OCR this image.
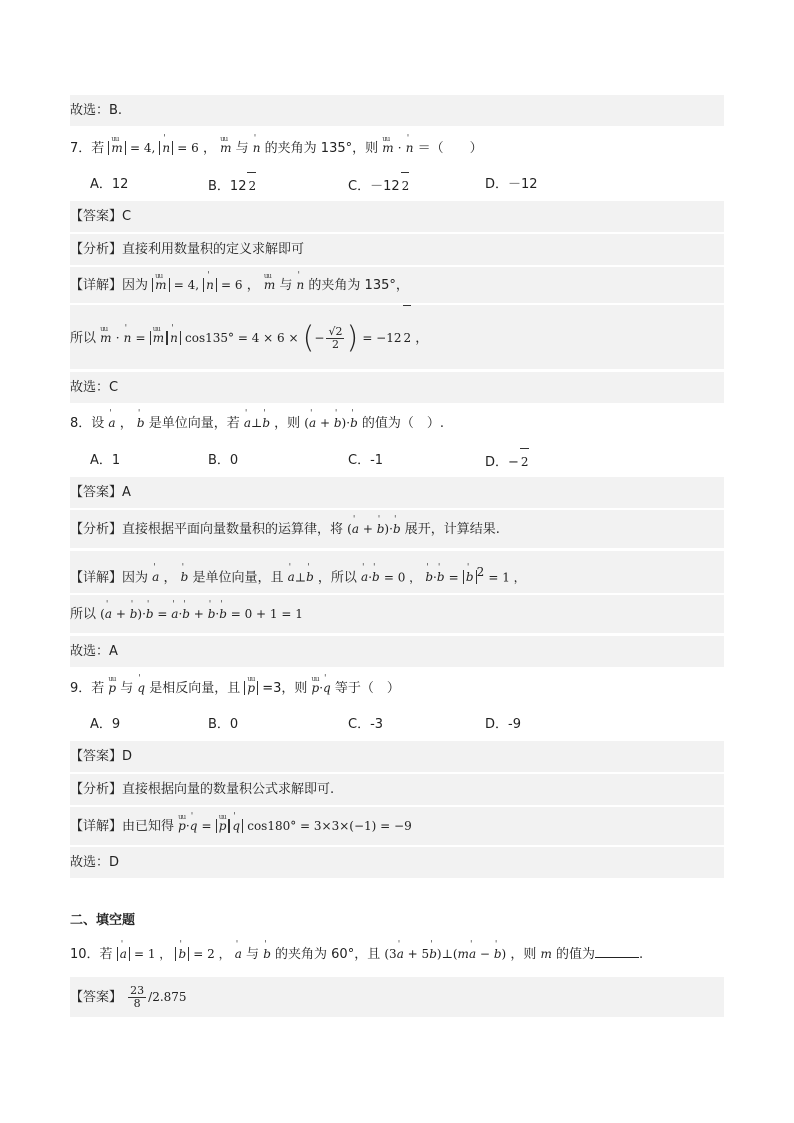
故选：B.
7．若 uu m = 4, ' n = 6 ， uu m 与 ' n 的夹角为 135°，则 uu m · ' n ＝（　　）
A．12	B．12 2	C．－12 2	D．－12
【答案】C
【分析】直接利用数量积的定义求解即可
【详解】因为 uu m = 4, ' n = 6 ， uu m 与 ' n 的夹角为 135°，
所以 uu m · ' n = uu m ' n cos135° = 4 × 6 × (− $\frac{√2}{2}$ ) = −12 2 ，
故选：C
8．设 ' a ， ' b 是单位向量，若 ' a⊥' b ，则 (' a + ' b)·' b 的值为（　）.
A．1	B．0	C．-1	D．− 2
【答案】A
【分析】直接根据平面向量数量积的运算律，将 (' a + ' b)·' b 展开，计算结果.
【详解】因为 ' a ， ' b 是单位向量，且 ' a⊥' b ，所以 ' a·' b = 0 ， ' b·' b = ' b $^2$ = 1 ，
所以 (' a + ' b)·' b = ' a·' b + ' b·' b = 0 + 1 = 1
故选：A
9．若 uu p 与 ' q 是相反向量，且 uu p =3，则 uu p·' q 等于（　）
A．9	B．0	C．-3	D．-9
【答案】D
【分析】直接根据向量的数量积公式求解即可.
【详解】由已知得 uu p·' q = uu p ' q cos180° = 3×3×(−1) = −9
故选：D
二、填空题
10．若 ' a = 1 ， ' b = 2 ， ' a 与 ' b 的夹角为 60°，且 (3' a + 5' b)⊥(m' a − ' b) ，则 m 的值为	.
【答案】 $\frac{23}{8} /2.875$
